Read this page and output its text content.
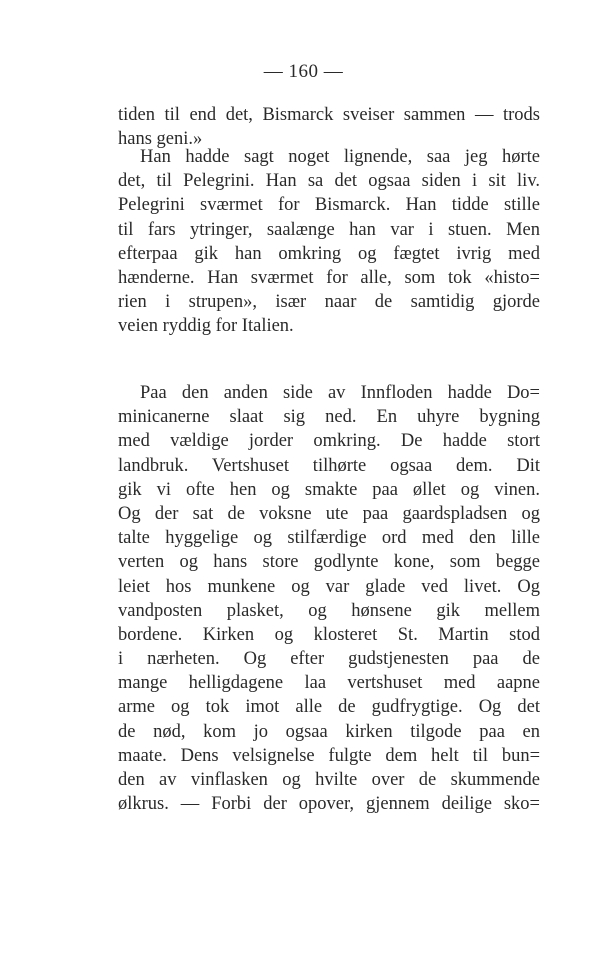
— 160 —
tiden til end det, Bismarck sveiser sammen — trods
hans geni.»
Han hadde sagt noget lignende, saa jeg hørte
det, til Pelegrini. Han sa det ogsaa siden i sit liv.
Pelegrini sværmet for Bismarck. Han tidde stille
til fars ytringer, saalænge han var i stuen. Men
efterpaa gik han omkring og fægtet ivrig med
hænderne. Han sværmet for alle, som tok «histo=
rien i strupen», især naar de samtidig gjorde
veien ryddig for Italien.
Paa den anden side av Innfloden hadde Do=
minicanerne slaat sig ned. En uhyre bygning
med vældige jorder omkring. De hadde stort
landbruk. Vertshuset tilhørte ogsaa dem. Dit
gik vi ofte hen og smakte paa øllet og vinen.
Og der sat de voksne ute paa gaardspladsen og
talte hyggelige og stilfærdige ord med den lille
verten og hans store godlynte kone, som begge
leiet hos munkene og var glade ved livet. Og
vandposten plasket, og hønsene gik mellem
bordene. Kirken og klosteret St. Martin stod
i nærheten. Og efter gudstjenesten paa de
mange helligdagene laa vertshuset med aapne
arme og tok imot alle de gudfrygtige. Og det
de nød, kom jo ogsaa kirken tilgode paa en
maate. Dens velsignelse fulgte dem helt til bun=
den av vinflasken og hvilte over de skummende
ølkrus. — Forbi der opover, gjennem deilige sko=
